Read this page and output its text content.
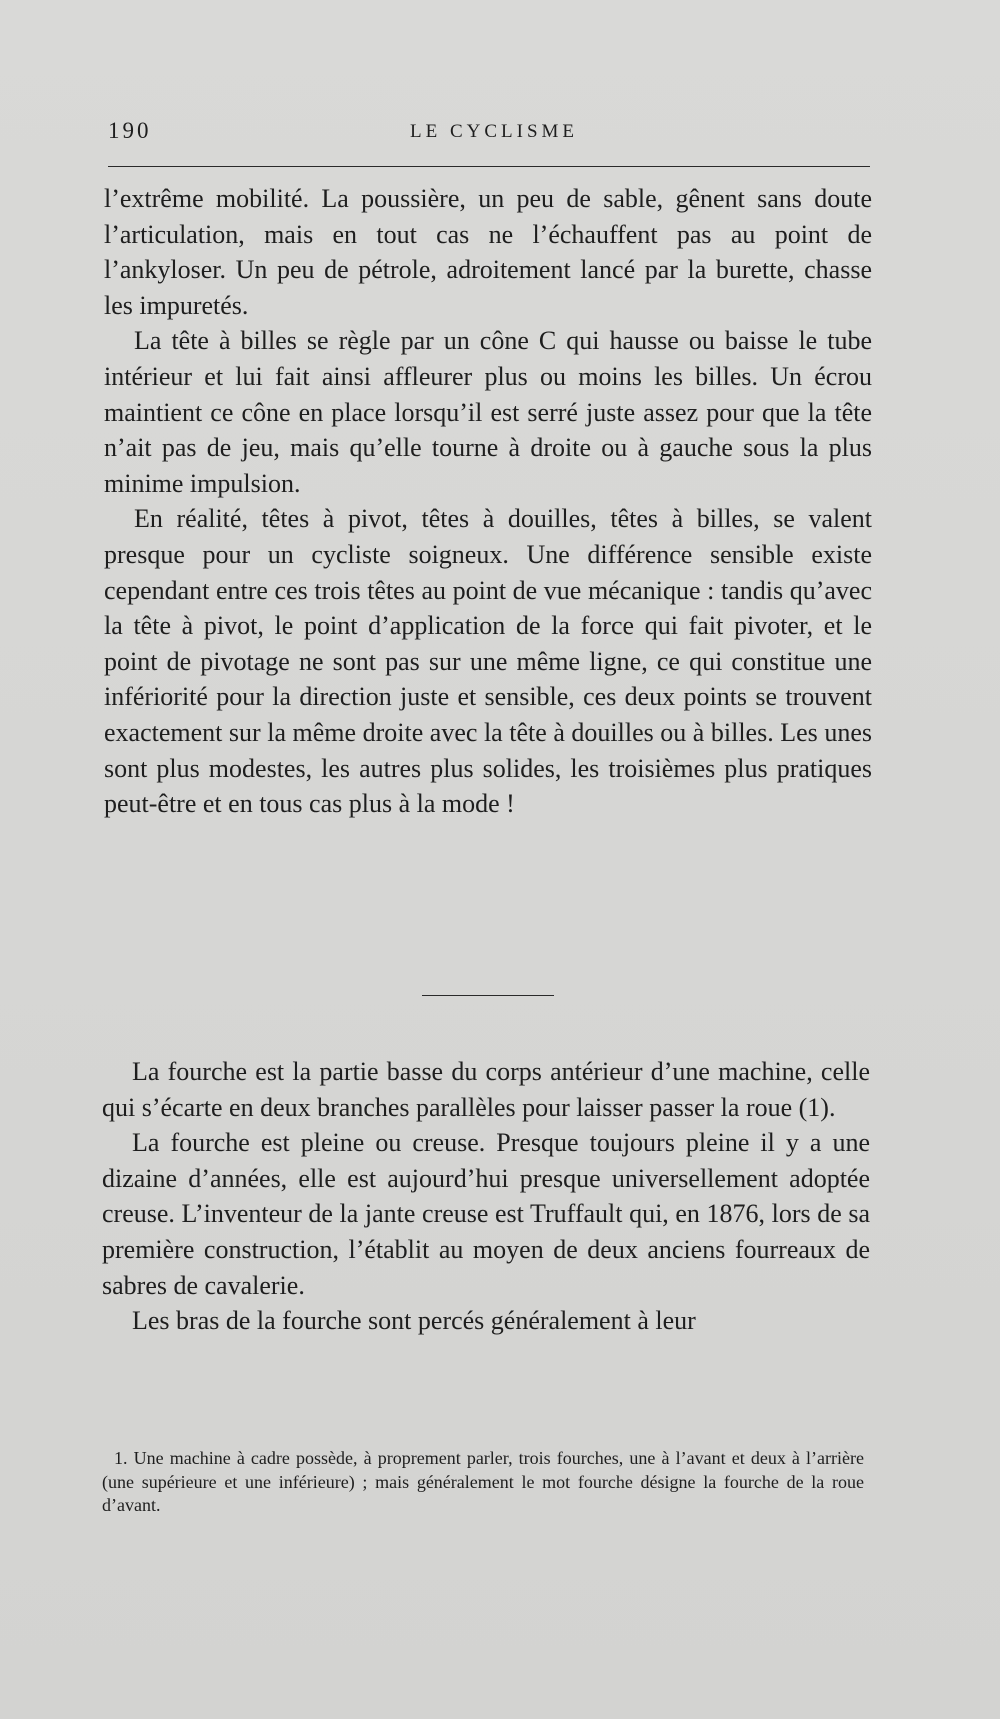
190	LE CYCLISME

l’extrême mobilité. La poussière, un peu de sable, gênent sans doute l’articulation, mais en tout cas ne l’échauffent pas au point de l’ankyloser. Un peu de pétrole, adroitement lancé par la burette, chasse les impuretés.

La tête à billes se règle par un cône C qui hausse ou baisse le tube intérieur et lui fait ainsi affleurer plus ou moins les billes. Un écrou maintient ce cône en place lorsqu’il est serré juste assez pour que la tête n’ait pas de jeu, mais qu’elle tourne à droite ou à gauche sous la plus minime impulsion.

En réalité, têtes à pivot, têtes à douilles, têtes à billes, se valent presque pour un cycliste soigneux. Une différence sensible existe cependant entre ces trois têtes au point de vue mécanique : tandis qu’avec la tête à pivot, le point d’application de la force qui fait pivoter, et le point de pivotage ne sont pas sur une même ligne, ce qui constitue une infériorité pour la direction juste et sensible, ces deux points se trouvent exactement sur la même droite avec la tête à douilles ou à billes. Les unes sont plus modestes, les autres plus solides, les troisièmes plus pratiques peut-être et en tous cas plus à la mode !

La fourche est la partie basse du corps antérieur d’une machine, celle qui s’écarte en deux branches parallèles pour laisser passer la roue (1).

La fourche est pleine ou creuse. Presque toujours pleine il y a une dizaine d’années, elle est aujourd’hui presque universellement adoptée creuse. L’inventeur de la jante creuse est Truffault qui, en 1876, lors de sa première construction, l’établit au moyen de deux anciens fourreaux de sabres de cavalerie.

Les bras de la fourche sont percés généralement à leur

1. Une machine à cadre possède, à proprement parler, trois fourches, une à l’avant et deux à l’arrière (une supérieure et une inférieure) ; mais généralement le mot fourche désigne la fourche de la roue d’avant.
